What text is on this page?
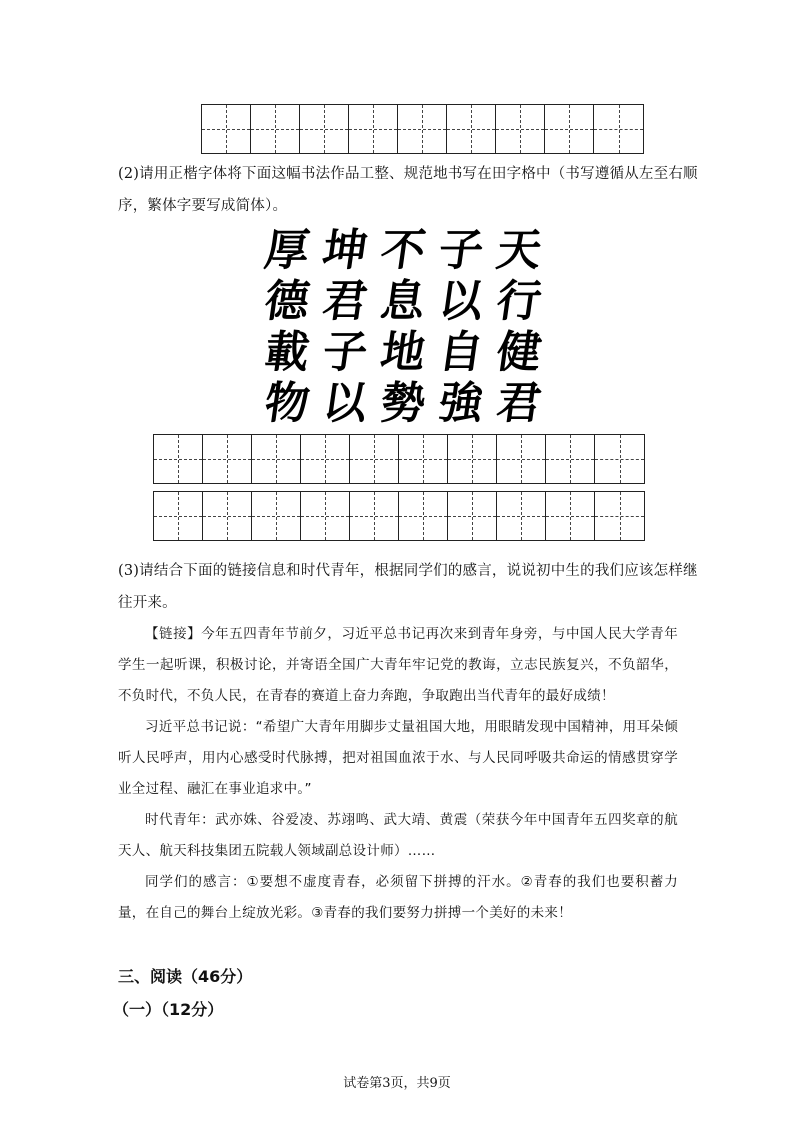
(2)请用正楷字体将下面这幅书法作品工整、规范地书写在田字格中（书写遵循从左至右顺
序，繁体字要写成简体）。
厚
德
載
物
坤
君
子
以
不
息
地
勢
子
以
自
強
天
行
健
君
(3)请结合下面的链接信息和时代青年，根据同学们的感言，说说初中生的我们应该怎样继
往开来。
【链接】今年五四青年节前夕，习近平总书记再次来到青年身旁，与中国人民大学青年学生一起听课，积极讨论，并寄语全国广大青年牢记党的教诲，立志民族复兴，不负韶华，不负时代，不负人民，在青春的赛道上奋力奔跑，争取跑出当代青年的最好成绩！
习近平总书记说：“希望广大青年用脚步丈量祖国大地，用眼睛发现中国精神，用耳朵倾听人民呼声，用内心感受时代脉搏，把对祖国血浓于水、与人民同呼吸共命运的情感贯穿学业全过程、融汇在事业追求中。”
时代青年：武亦姝、谷爱凌、苏翊鸣、武大靖、黄震（荣获今年中国青年五四奖章的航天人、航天科技集团五院载人领域副总设计师）……
同学们的感言：①要想不虚度青春，必须留下拼搏的汗水。②青春的我们也要积蓄力量，在自己的舞台上绽放光彩。③青春的我们要努力拼搏一个美好的未来！
三、阅读（46分）
（一）（12分）
试卷第3页，共9页
